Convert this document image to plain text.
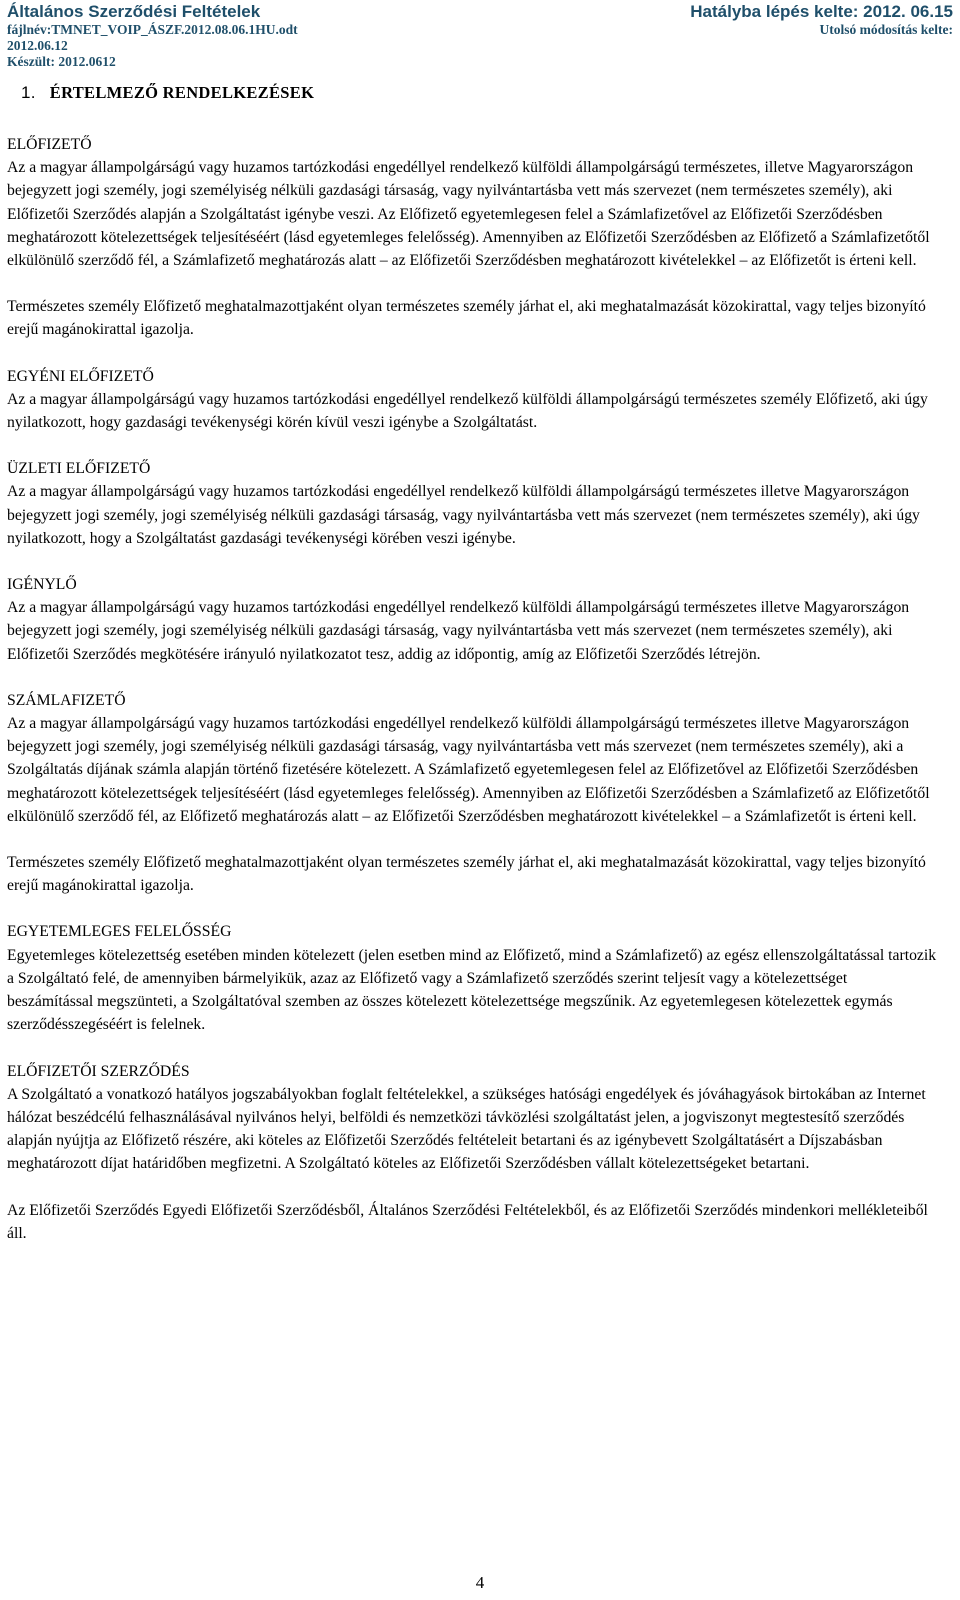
Általános Szerződési Feltételek	Hatályba lépés kelte: 2012. 06.15
fájlnév:TMNET_VOIP_ÁSZF.2012.08.06.1HU.odt	Utolsó módosítás kelte:
2012.06.12
Készült: 2012.0612
1. ÉRTELMEZŐ RENDELKEZÉSEK

ELŐFIZETŐ

Az a magyar állampolgárságú vagy huzamos tartózkodási engedéllyel rendelkező külföldi állampolgárságú természetes, illetve Magyarországon bejegyzett jogi személy, jogi személyiség nélküli gazdasági társaság, vagy nyilvántartásba vett más szervezet (nem természetes személy), aki Előfizetői Szerződés alapján a Szolgáltatást igénybe veszi. Az Előfizető egyetemlegesen felel a Számlafizetővel az Előfizetői Szerződésben meghatározott kötelezettségek teljesítéséért (lásd egyetemleges felelősség). Amennyiben az Előfizetői Szerződésben az Előfizető a Számlafizetőtől elkülönülő szerződő fél, a Számlafizető meghatározás alatt – az Előfizetői Szerződésben meghatározott kivételekkel – az Előfizetőt is érteni kell.

Természetes személy Előfizető meghatalmazottjaként olyan természetes személy járhat el, aki meghatalmazását közokirattal, vagy teljes bizonyító erejű magánokirattal igazolja.

EGYÉNI ELŐFIZETŐ

Az a magyar állampolgárságú vagy huzamos tartózkodási engedéllyel rendelkező külföldi állampolgárságú természetes személy Előfizető, aki úgy nyilatkozott, hogy gazdasági tevékenységi körén kívül veszi igénybe a Szolgáltatást.

ÜZLETI ELŐFIZETŐ

Az a magyar állampolgárságú vagy huzamos tartózkodási engedéllyel rendelkező külföldi állampolgárságú természetes illetve Magyarországon bejegyzett jogi személy, jogi személyiség nélküli gazdasági társaság, vagy nyilvántartásba vett más szervezet (nem természetes személy), aki úgy nyilatkozott, hogy a Szolgáltatást gazdasági tevékenységi körében veszi igénybe.

IGÉNYLŐ

Az a magyar állampolgárságú vagy huzamos tartózkodási engedéllyel rendelkező külföldi állampolgárságú természetes illetve Magyarországon bejegyzett jogi személy, jogi személyiség nélküli gazdasági társaság, vagy nyilvántartásba vett más szervezet (nem természetes személy), aki Előfizetői Szerződés megkötésére irányuló nyilatkozatot tesz, addig az időpontig, amíg az Előfizetői Szerződés létrejön.

SZÁMLAFIZETŐ

Az a magyar állampolgárságú vagy huzamos tartózkodási engedéllyel rendelkező külföldi állampolgárságú természetes illetve Magyarországon bejegyzett jogi személy, jogi személyiség nélküli gazdasági társaság, vagy nyilvántartásba vett más szervezet (nem természetes személy), aki a Szolgáltatás díjának számla alapján történő fizetésére kötelezett. A Számlafizető egyetemlegesen felel az Előfizetővel az Előfizetői Szerződésben meghatározott kötelezettségek teljesítéséért (lásd egyetemleges felelősség). Amennyiben az Előfizetői Szerződésben a Számlafizető az Előfizetőtől elkülönülő szerződő fél, az Előfizető meghatározás alatt – az Előfizetői Szerződésben meghatározott kivételekkel – a Számlafizetőt is érteni kell.

Természetes személy Előfizető meghatalmazottjaként olyan természetes személy járhat el, aki meghatalmazását közokirattal, vagy teljes bizonyító erejű magánokirattal igazolja.

EGYETEMLEGES FELELŐSSÉG

Egyetemleges kötelezettség esetében minden kötelezett (jelen esetben mind az Előfizető, mind a Számlafizető) az egész ellenszolgáltatással tartozik a Szolgáltató felé, de amennyiben bármelyikük, azaz az Előfizető vagy a Számlafizető szerződés szerint teljesít vagy a kötelezettséget beszámítással megszünteti, a Szolgáltatóval szemben az összes kötelezett kötelezettsége megszűnik. Az egyetemlegesen kötelezettek egymás szerződésszegéséért is felelnek.

ELŐFIZETŐI SZERZŐDÉS

A Szolgáltató a vonatkozó hatályos jogszabályokban foglalt feltételekkel, a szükséges hatósági engedélyek és jóváhagyások birtokában az Internet hálózat beszédcélú felhasználásával nyilvános helyi, belföldi és nemzetközi távközlési szolgáltatást jelen, a jogviszonyt megtestesítő szerződés alapján nyújtja az Előfizető részére, aki köteles az Előfizetői Szerződés feltételeit betartani és az igénybevett Szolgáltatásért a Díjszabásban meghatározott díjat határidőben megfizetni. A Szolgáltató köteles az Előfizetői Szerződésben vállalt kötelezettségeket betartani.

Az Előfizetői Szerződés Egyedi Előfizetői Szerződésből, Általános Szerződési Feltételekből, és az Előfizetői Szerződés mindenkori mellékleteiből áll.

4
